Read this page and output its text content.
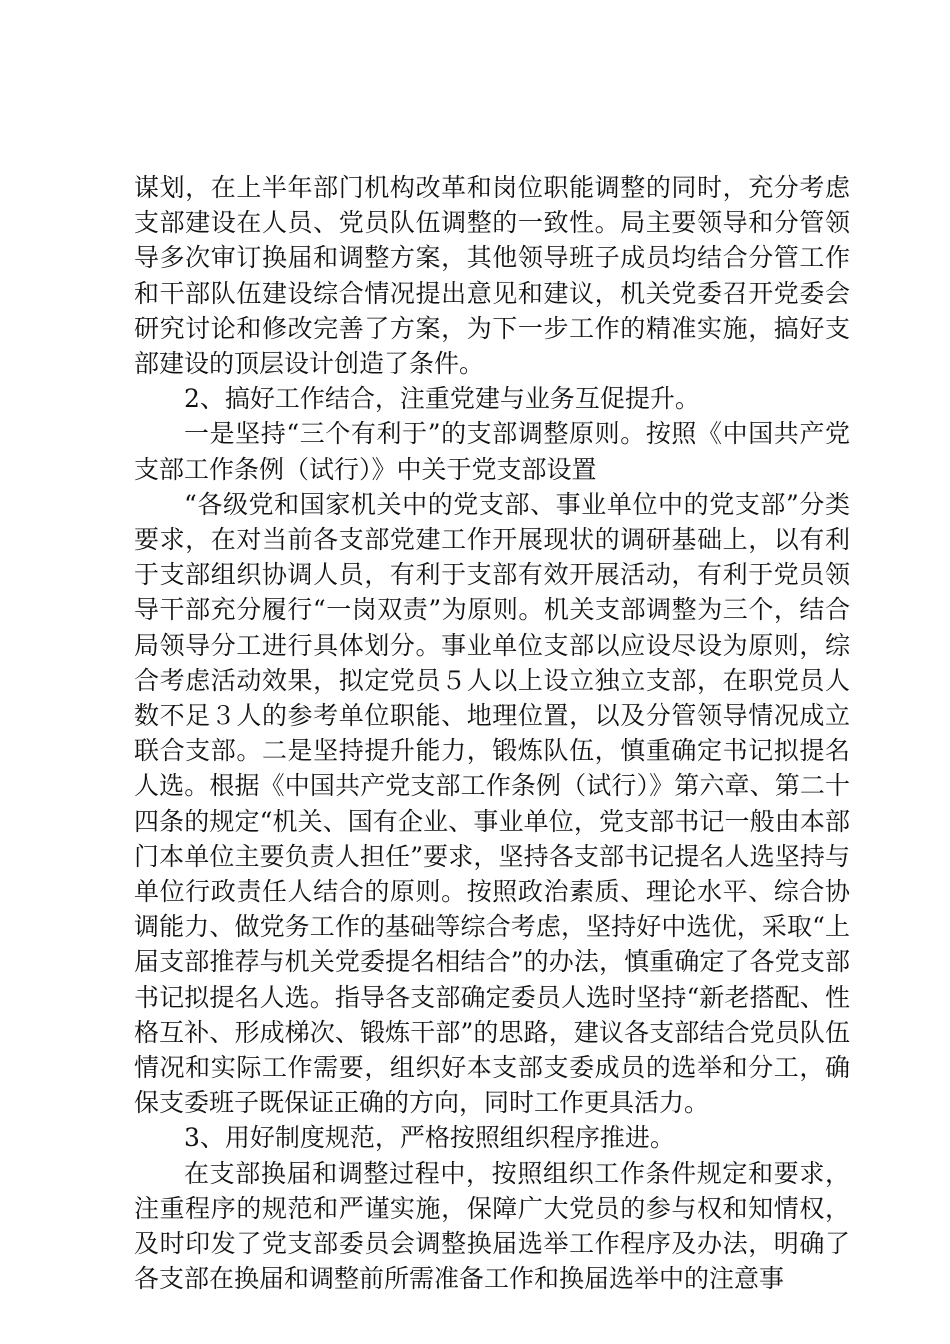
谋划，在上半年部门机构改革和岗位职能调整的同时，充分考虑支部建设在人员、党员队伍调整的一致性。局主要领导和分管领导多次审订换届和调整方案，其他领导班子成员均结合分管工作和干部队伍建设综合情况提出意见和建议，机关党委召开党委会研究讨论和修改完善了方案，为下一步工作的精准实施，搞好支部建设的顶层设计创造了条件。

2、搞好工作结合，注重党建与业务互促提升。

一是坚持“三个有利于”的支部调整原则。按照《中国共产党支部工作条例（试行）》中关于党支部设置

“各级党和国家机关中的党支部、事业单位中的党支部”分类要求，在对当前各支部党建工作开展现状的调研基础上，以有利于支部组织协调人员，有利于支部有效开展活动，有利于党员领导干部充分履行“一岗双责”为原则。机关支部调整为三个，结合局领导分工进行具体划分。事业单位支部以应设尽设为原则，综合考虑活动效果，拟定党员５人以上设立独立支部，在职党员人数不足３人的参考单位职能、地理位置，以及分管领导情况成立联合支部。二是坚持提升能力，锻炼队伍，慎重确定书记拟提名人选。根据《中国共产党支部工作条例（试行）》第六章、第二十四条的规定“机关、国有企业、事业单位，党支部书记一般由本部门本单位主要负责人担任”要求，坚持各支部书记提名人选坚持与单位行政责任人结合的原则。按照政治素质、理论水平、综合协调能力、做党务工作的基础等综合考虑，坚持好中选优，采取“上届支部推荐与机关党委提名相结合”的办法，慎重确定了各党支部书记拟提名人选。指导各支部确定委员人选时坚持“新老搭配、性格互补、形成梯次、锻炼干部”的思路，建议各支部结合党员队伍情况和实际工作需要，组织好本支部支委成员的选举和分工，确保支委班子既保证正确的方向，同时工作更具活力。

3、用好制度规范，严格按照组织程序推进。

在支部换届和调整过程中，按照组织工作条件规定和要求，注重程序的规范和严谨实施，保障广大党员的参与权和知情权，及时印发了党支部委员会调整换届选举工作程序及办法，明确了各支部在换届和调整前所需准备工作和换届选举中的注意事
